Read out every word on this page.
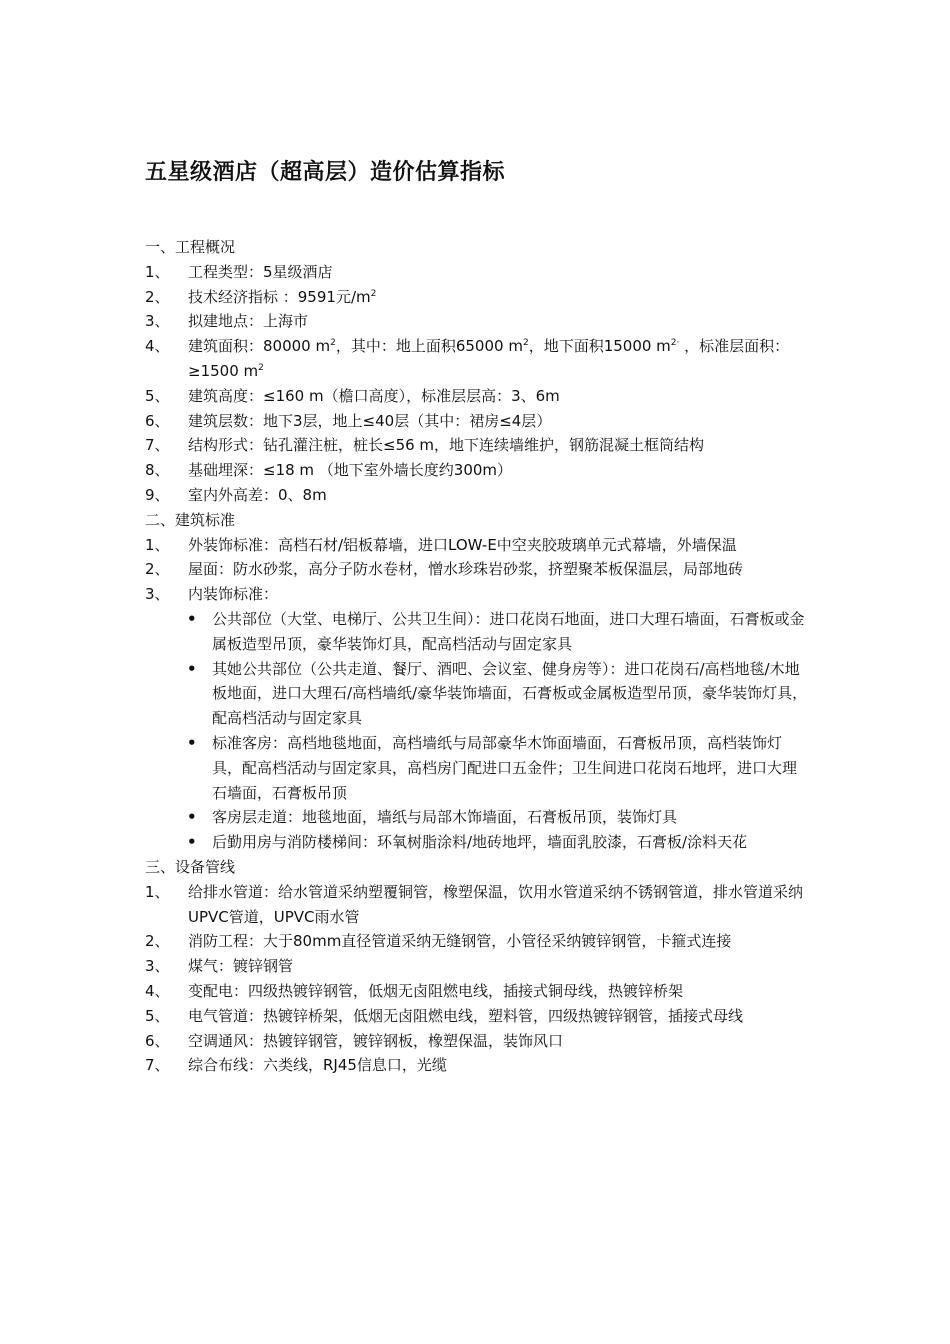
五星级酒店（超高层）造价估算指标
一、工程概况
1、 工程类型：5星级酒店
2、 技术经济指标 ：9591元$/m^2$
3、 拟建地点：上海市
4、 建筑面积：80000 $m^2$，其中：地上面积65000 $m^2$，地下面积15000 $m^{2\cdot}$ ，标准层面积：≥1500 $m^2$
5、 建筑高度：≤160 m（檐口高度），标准层层高：3、6m
6、 建筑层数：地下3层，地上≤40层（其中：裙房≤4层）
7、 结构形式：钻孔灌注桩，桩长≤56 m，地下连续墙维护，钢筋混凝土框筒结构
8、 基础埋深：≤18 m （地下室外墙长度约300m）
9、 室内外高差：0、8m
二、建筑标准
1、 外装饰标准：高档石材/铝板幕墙，进口LOW-E中空夹胶玻璃单元式幕墙，外墙保温
2、 屋面：防水砂浆，高分子防水卷材，憎水珍珠岩砂浆，挤塑聚苯板保温层，局部地砖
3、 内装饰标准：
• 公共部位（大堂、电梯厅、公共卫生间）：进口花岗石地面，进口大理石墙面，石膏板或金属板造型吊顶，豪华装饰灯具，配高档活动与固定家具
• 其她公共部位（公共走道、餐厅、酒吧、会议室、健身房等）：进口花岗石/高档地毯/木地板地面，进口大理石/高档墙纸/豪华装饰墙面，石膏板或金属板造型吊顶，豪华装饰灯具，配高档活动与固定家具
• 标准客房：高档地毯地面，高档墙纸与局部豪华木饰面墙面，石膏板吊顶，高档装饰灯具，配高档活动与固定家具，高档房门配进口五金件；卫生间进口花岗石地坪，进口大理石墙面，石膏板吊顶
• 客房层走道：地毯地面，墙纸与局部木饰墙面，石膏板吊顶，装饰灯具
• 后勤用房与消防楼梯间：环氧树脂涂料/地砖地坪，墙面乳胶漆，石膏板/涂料天花
三、设备管线
1、 给排水管道：给水管道采纳塑覆铜管，橡塑保温，饮用水管道采纳不锈钢管道，排水管道采纳UPVC管道，UPVC雨水管
2、 消防工程：大于80mm直径管道采纳无缝钢管，小管径采纳镀锌钢管，卡箍式连接
3、 煤气：镀锌钢管
4、 变配电：四级热镀锌钢管，低烟无卤阻燃电线，插接式铜母线，热镀锌桥架
5、 电气管道：热镀锌桥架，低烟无卤阻燃电线，塑料管，四级热镀锌钢管，插接式母线
6、 空调通风：热镀锌钢管，镀锌钢板，橡塑保温，装饰风口
7、 综合布线：六类线，RJ45信息口，光缆
